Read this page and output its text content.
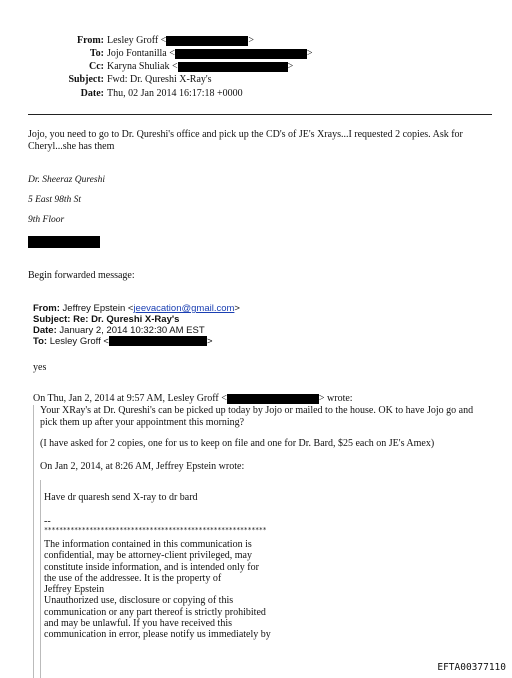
From: Lesley Groff <	>
To: Jojo Fontanilla <	>
Cc: Karyna Shuliak <	>
Subject: Fwd: Dr. Qureshi X-Ray's
Date: Thu, 02 Jan 2014 16:17:18 +0000
Jojo, you need to go to Dr. Qureshi's office and pick up the CD's of JE's Xrays...I requested 2 copies. Ask for
Cheryl...she has them
Dr. Sheeraz Qureshi
5 East 98th St
9th Floor
Begin forwarded message:
From: Jeffrey Epstein <jeevacation@gmail.com>
Subject: Re: Dr. Qureshi X-Ray's
Date: January 2, 2014 10:32:30 AM EST
To: Lesley Groff <	>
yes
On Thu, Jan 2, 2014 at 9:57 AM, Lesley Groff <	> wrote:
Your XRay's at Dr. Qureshi's can be picked up today by Jojo or mailed to the house. OK to have Jojo go and
pick them up after your appointment this morning?
(I have asked for 2 copies, one for us to keep on file and one for Dr. Bard, $25 each on JE's Amex)
On Jan 2, 2014, at 8:26 AM, Jeffrey Epstein wrote:
Have dr quaresh send X-ray to dr bard
--
***********************************************************
The information contained in this communication is
confidential, may be attorney-client privileged, may
constitute inside information, and is intended only for
the use of the addressee. It is the property of
Jeffrey Epstein
Unauthorized use, disclosure or copying of this
communication or any part thereof is strictly prohibited
and may be unlawful. If you have received this
communication in error, please notify us immediately by
EFTA00377110
